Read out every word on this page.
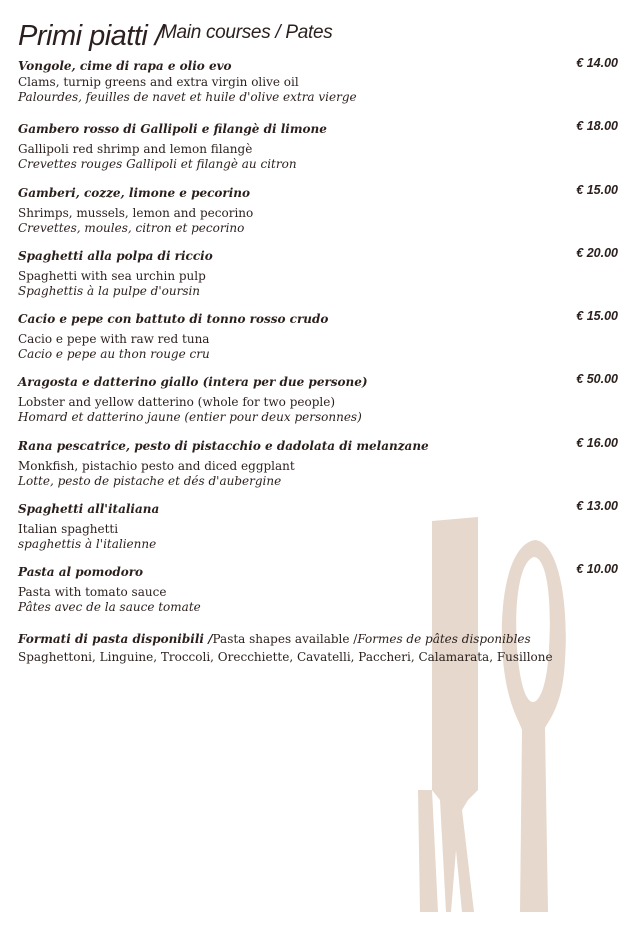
Primi piatti /
Main courses / Pates
Vongole, cime di rapa e olio evo	€ 14.00
Clams, turnip greens and extra virgin olive oil
Palourdes, feuilles de navet et huile d'olive extra vierge
Gambero rosso di Gallipoli e filangè di limone	€ 18.00
Gallipoli red shrimp and lemon filangè
Crevettes rouges Gallipoli et filangè au citron
Gamberi, cozze, limone e pecorino	€ 15.00
Shrimps, mussels, lemon and pecorino
Crevettes, moules, citron et pecorino
Spaghetti alla polpa di riccio	€ 20.00
Spaghetti with sea urchin pulp
Spaghettis à la pulpe d'oursin
Cacio e pepe con battuto di tonno rosso crudo	€ 15.00
Cacio e pepe with raw red tuna
Cacio e pepe au thon rouge cru
Aragosta e datterino giallo (intera per due persone)	€ 50.00
Lobster and yellow datterino (whole for two people)
Homard et datterino jaune (entier pour deux personnes)
Rana pescatrice, pesto di pistacchio e dadolata di melanzane	€ 16.00
Monkfish, pistachio pesto and diced eggplant
Lotte, pesto de pistache et dés d'aubergine
Spaghetti all'italiana	€ 13.00
Italian spaghetti
spaghettis à l'italienne
Pasta al pomodoro	€ 10.00
Pasta with tomato sauce
Pâtes avec de la sauce tomate
Formati di pasta disponibili /Pasta shapes available /Formes de pâtes disponibles
Spaghettoni, Linguine, Troccoli, Orecchiette, Cavatelli, Paccheri, Calamarata, Fusillone
